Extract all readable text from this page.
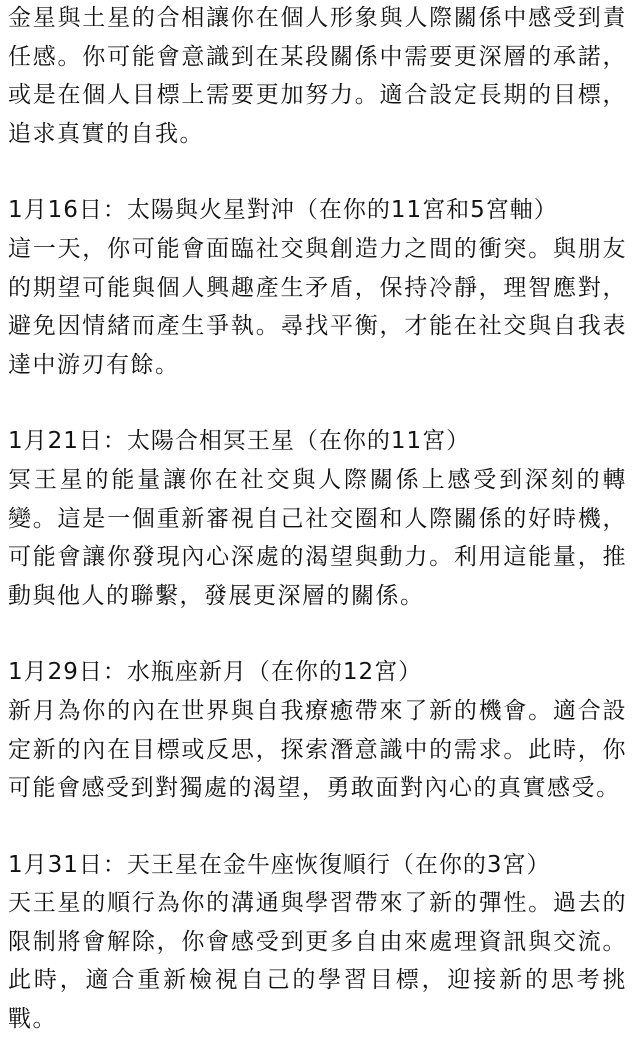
金星與土星的合相讓你在個人形象與人際關係中感受到責任感。你可能會意識到在某段關係中需要更深層的承諾，或是在個人目標上需要更加努力。適合設定長期的目標，追求真實的自我。

1月16日：太陽與火星對沖（在你的11宮和5宮軸）

這一天，你可能會面臨社交與創造力之間的衝突。與朋友的期望可能與個人興趣產生矛盾，保持冷靜，理智應對，避免因情緒而產生爭執。尋找平衡，才能在社交與自我表達中游刃有餘。

1月21日：太陽合相冥王星（在你的11宮）

冥王星的能量讓你在社交與人際關係上感受到深刻的轉變。這是一個重新審視自己社交圈和人際關係的好時機，可能會讓你發現內心深處的渴望與動力。利用這能量，推動與他人的聯繫，發展更深層的關係。

1月29日：水瓶座新月（在你的12宮）

新月為你的內在世界與自我療癒帶來了新的機會。適合設定新的內在目標或反思，探索潛意識中的需求。此時，你可能會感受到對獨處的渴望，勇敢面對內心的真實感受。

1月31日：天王星在金牛座恢復順行（在你的3宮）

天王星的順行為你的溝通與學習帶來了新的彈性。過去的限制將會解除，你會感受到更多自由來處理資訊與交流。此時，適合重新檢視自己的學習目標，迎接新的思考挑戰。
